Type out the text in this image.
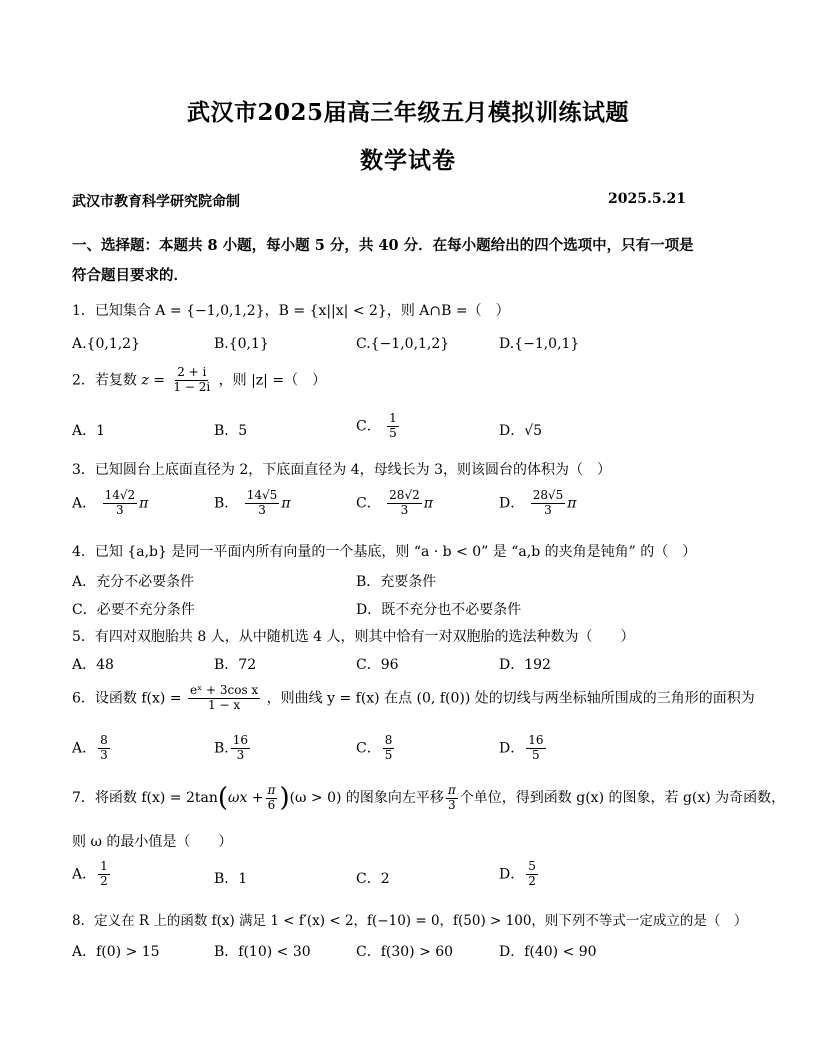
武汉市2025届高三年级五月模拟训练试题
数学试卷
武汉市教育科学研究院命制	2025.5.21
一、选择题：本题共 8 小题，每小题 5 分，共 40 分．在每小题给出的四个选项中，只有一项是
符合题目要求的．
1．已知集合 A = {−1,0,1,2}，B = {x||x| < 2}，则 A∩B =（　）
A.{0,1,2}	B.{0,1}	C.{−1,0,1,2}	D.{−1,0,1}
2．若复数 $z = \frac{2 + i}{1 - 2i}$ ，则 |z| =（　）
A．1	B．5	C． $\frac{1}{5}$	D．√5
3．已知圆台上底面直径为 2，下底面直径为 4，母线长为 3，则该圆台的体积为（　）
A． $\frac{14√2}{3}$ π	B． $\frac{14√5}{3}$ π	C． $\frac{28√2}{3}$ π	D． $\frac{28√5}{3}$ π
4．已知 {a,b} 是同一平面内所有向量的一个基底，则 “a · b < 0” 是 “a,b 的夹角是钝角” 的（　）
A．充分不必要条件	B．充要条件
C．必要不充分条件	D．既不充分也不必要条件
5．有四对双胞胎共 8 人，从中随机选 4 人，则其中恰有一对双胞胎的选法种数为（　　）
A．48	B．72	C．96	D．192
6．设函数 $f(x) = \frac{\text{eˣ + 3cos x}}{1 - x}$ ，则曲线 y = f(x) 在点 (0, f(0)) 处的切线与两坐标轴所围成的三角形的面积为
A． $\frac{8}{3}$	B. $\frac{16}{3}$	C． $\frac{8}{5}$	D． $\frac{16}{5}$
7．将函数 $f(x) = 2\tan(\omega x + \frac{\pi}{6} )(\omega > 0)$ 的图象向左平移 $\frac{\pi}{3}$ 个单位，得到函数 g(x) 的图象，若 g(x) 为奇函数，
则 ω 的最小值是（　　）
A． $\frac{1}{2}$	B．1	C．2	D． $\frac{5}{2}$
8．定义在 R 上的函数 f(x) 满足 1 < f′(x) < 2，f(−10) = 0，f(50) > 100，则下列不等式一定成立的是（　）
A．f(0) > 15	B．f(10) < 30	C．f(30) > 60	D．f(40) < 90
